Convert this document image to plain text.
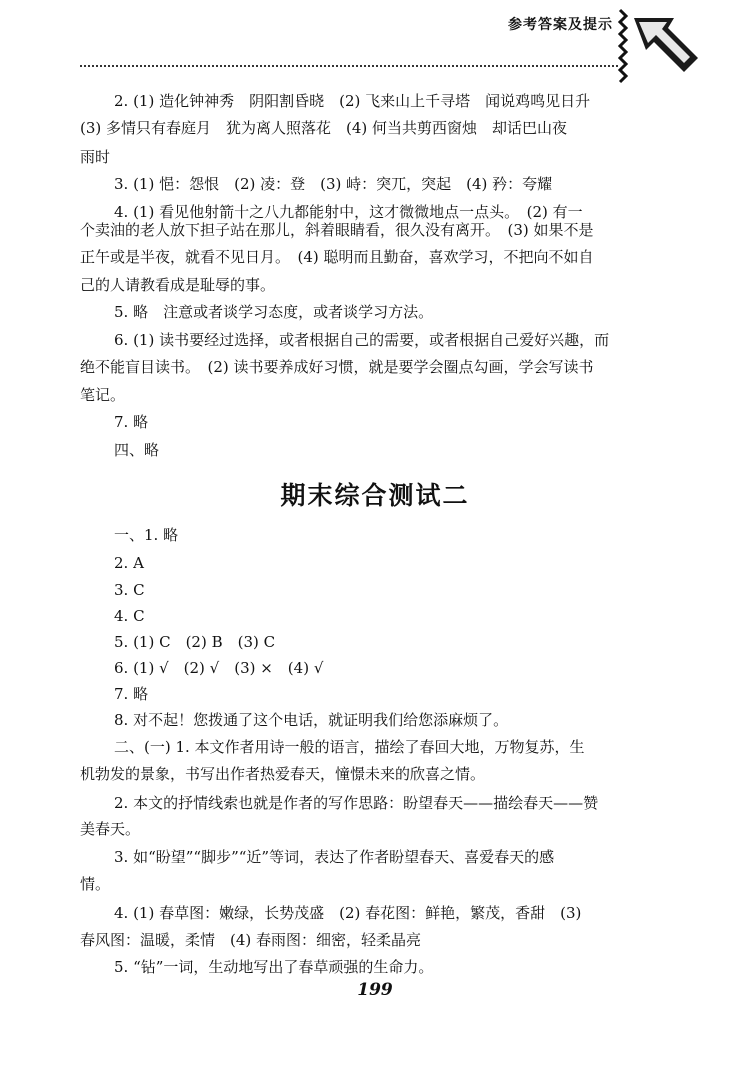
参考答案及提示
2. (1) 造化钟神秀　阴阳割昏晓　(2) 飞来山上千寻塔　闻说鸡鸣见日升
(3) 多情只有春庭月　犹为离人照落花　(4) 何当共剪西窗烛　却话巴山夜
雨时
3. (1) 悒：怨恨　(2) 凌：登　(3) 峙：突兀，突起　(4) 矜：夸耀
4. (1) 看见他射箭十之八九都能射中，这才微微地点一点头。　(2) 有一
个卖油的老人放下担子站在那儿，斜着眼睛看，很久没有离开。　(3) 如果不是
正午或是半夜，就看不见日月。　(4) 聪明而且勤奋，喜欢学习，不把向不如自
己的人请教看成是耻辱的事。
5. 略　注意或者谈学习态度，或者谈学习方法。
6. (1) 读书要经过选择，或者根据自己的需要，或者根据自己爱好兴趣，而
绝不能盲目读书。　(2) 读书要养成好习惯，就是要学会圈点勾画，学会写读书
笔记。
7. 略
四、略
期末综合测试二
一、1. 略
2. A
3. C
4. C
5. (1) C　(2) B　(3) C
6. (1) √　(2) √　(3) ×　(4) √
7. 略
8. 对不起！您拨通了这个电话，就证明我们给您添麻烦了。
二、(一) 1. 本文作者用诗一般的语言，描绘了春回大地，万物复苏，生
机勃发的景象，书写出作者热爱春天，憧憬未来的欣喜之情。
2. 本文的抒情线索也就是作者的写作思路：盼望春天——描绘春天——赞
美春天。
3. 如“盼望”“脚步”“近”等词，表达了作者盼望春天、喜爱春天的感
情。
4. (1) 春草图：嫩绿，长势茂盛　(2) 春花图：鲜艳，繁茂，香甜　(3)
春风图：温暖，柔情　(4) 春雨图：细密，轻柔晶亮
5. “钻”一词，生动地写出了春草顽强的生命力。
199
